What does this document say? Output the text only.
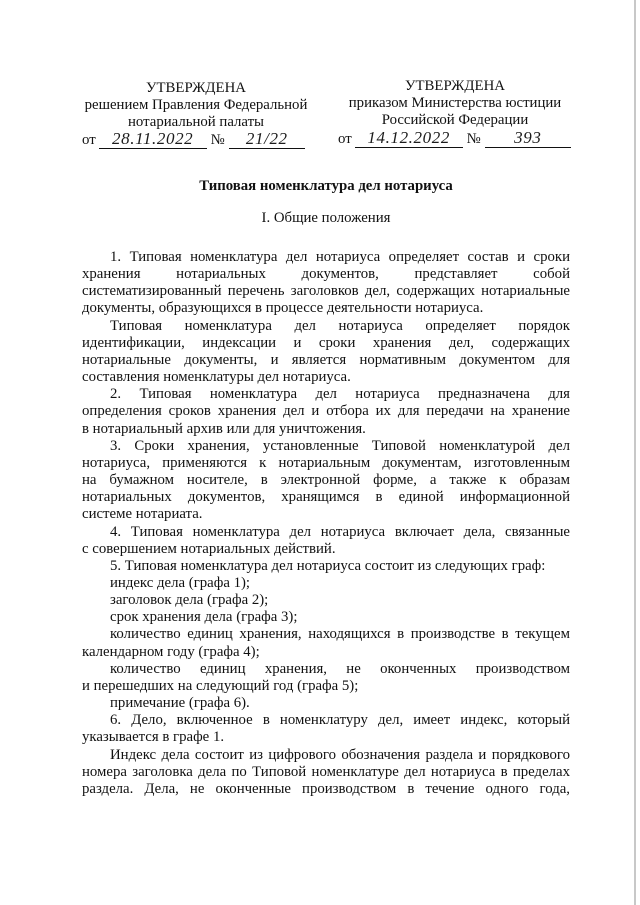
УТВЕРЖДЕНА
решением Правления Федеральной
нотариальной палаты
от 28.11.2022	№	21/22
УТВЕРЖДЕНА
приказом Министерства юстиции
Российской Федерации
от 14.12.2022	№	393
Типовая номенклатура дел нотариуса
I. Общие положения
1. Типовая номенклатура дел нотариуса определяет состав и сроки
хранения нотариальных документов, представляет собой
систематизированный перечень заголовков дел, содержащих нотариальные
документы, образующихся в процессе деятельности нотариуса.
Типовая номенклатура дел нотариуса определяет порядок
идентификации, индексации и сроки хранения дел, содержащих
нотариальные документы, и является нормативным документом для
составления номенклатуры дел нотариуса.
2. Типовая номенклатура дел нотариуса предназначена для
определения сроков хранения дел и отбора их для передачи на хранение
в нотариальный архив или для уничтожения.
3. Сроки хранения, установленные Типовой номенклатурой дел
нотариуса, применяются к нотариальным документам, изготовленным
на бумажном носителе, в электронной форме, а также к образам
нотариальных документов, хранящимся в единой информационной
системе нотариата.
4. Типовая номенклатура дел нотариуса включает дела, связанные
с совершением нотариальных действий.
5. Типовая номенклатура дел нотариуса состоит из следующих граф:
индекс дела (графа 1);
заголовок дела (графа 2);
срок хранения дела (графа 3);
количество единиц хранения, находящихся в производстве в текущем
календарном году (графа 4);
количество единиц хранения, не оконченных производством
и перешедших на следующий год (графа 5);
примечание (графа 6).
6. Дело, включенное в номенклатуру дел, имеет индекс, который
указывается в графе 1.
Индекс дела состоит из цифрового обозначения раздела и порядкового
номера заголовка дела по Типовой номенклатуре дел нотариуса в пределах
раздела. Дела, не оконченные производством в течение одного года,
